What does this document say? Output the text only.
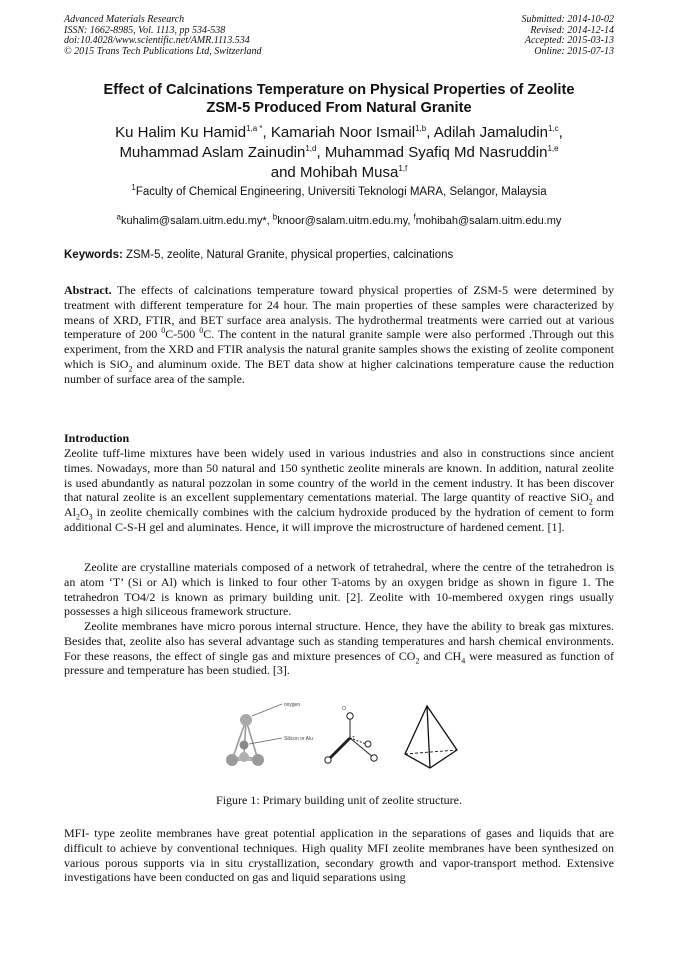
Advanced Materials Research
ISSN: 1662-8985, Vol. 1113, pp 534-538
doi:10.4028/www.scientific.net/AMR.1113.534
© 2015 Trans Tech Publications Ltd, Switzerland
Submitted: 2014-10-02
Revised: 2014-12-14
Accepted: 2015-03-13
Online: 2015-07-13
Effect of Calcinations Temperature on Physical Properties of Zeolite
ZSM-5 Produced From Natural Granite
Ku Halim Ku Hamid$^{1,a *}$, Kamariah Noor Ismail$^{1,b}$, Adilah Jamaludin$^{1,c}$,
Muhammad Aslam Zainudin$^{1,d}$, Muhammad Syafiq Md Nasruddin$^{1,e}$
and Mohibah Musa$^{1,f}$
$^1$Faculty of Chemical Engineering, Universiti Teknologi MARA, Selangor, Malaysia
$^a$kuhalim@salam.uitm.edu.my*, $^b$knoor@salam.uitm.edu.my, $^f$mohibah@salam.uitm.edu.my
Keywords: ZSM-5, zeolite, Natural Granite, physical properties, calcinations

Abstract. The effects of calcinations temperature toward physical properties of ZSM-5 were determined by treatment with different temperature for 24 hour. The main properties of these samples were characterized by means of XRD, FTIR, and BET surface area analysis. The hydrothermal treatments were carried out at various temperature of 200 $^0$C-500 $^0$C. The content in the natural granite sample were also performed .Through out this experiment, from the XRD and FTIR analysis the natural granite samples shows the existing of zeolite component which is SiO$_2$ and aluminum oxide. The BET data show at higher calcinations temperature cause the reduction number of surface area of the sample.

Introduction

Zeolite tuff-lime mixtures have been widely used in various industries and also in constructions since ancient times. Nowadays, more than 50 natural and 150 synthetic zeolite minerals are known. In addition, natural zeolite is used abundantly as natural pozzolan in some country of the world in the cement industry. It has been discover that natural zeolite is an excellent supplementary cementations material. The large quantity of reactive SiO$_2$ and $Al_2O_3$ in zeolite chemically combines with the calcium hydroxide produced by the hydration of cement to form additional C-S-H gel and aluminates. Hence, it will improve the microstructure of hardened cement. [1].

Zeolite are crystalline materials composed of a network of tetrahedral, where the centre of the tetrahedron is an atom ‘T’ (Si or Al) which is linked to four other T-atoms by an oxygen bridge as shown in figure 1. The tetrahedron TO4/2 is known as primary building unit. [2]. Zeolite with 10-membered oxygen rings usually possesses a high siliceous framework structure.

Zeolite membranes have micro porous internal structure. Hence, they have the ability to break gas mixtures. Besides that, zeolite also has several advantage such as standing temperatures and harsh chemical environments. For these reasons, the effect of single gas and mixture presences of $CO_2$ and $CH_4$ were measured as function of pressure and temperature has been studied. [3].

oxygen
Silicon or Alu
O
T
Figure 1: Primary building unit of zeolite structure.

MFI- type zeolite membranes have great potential application in the separations of gases and liquids that are difficult to achieve by conventional techniques. High quality MFI zeolite membranes have been synthesized on various porous supports via in situ crystallization, secondary growth and vapor-transport method. Extensive investigations have been conducted on gas and liquid separations using
